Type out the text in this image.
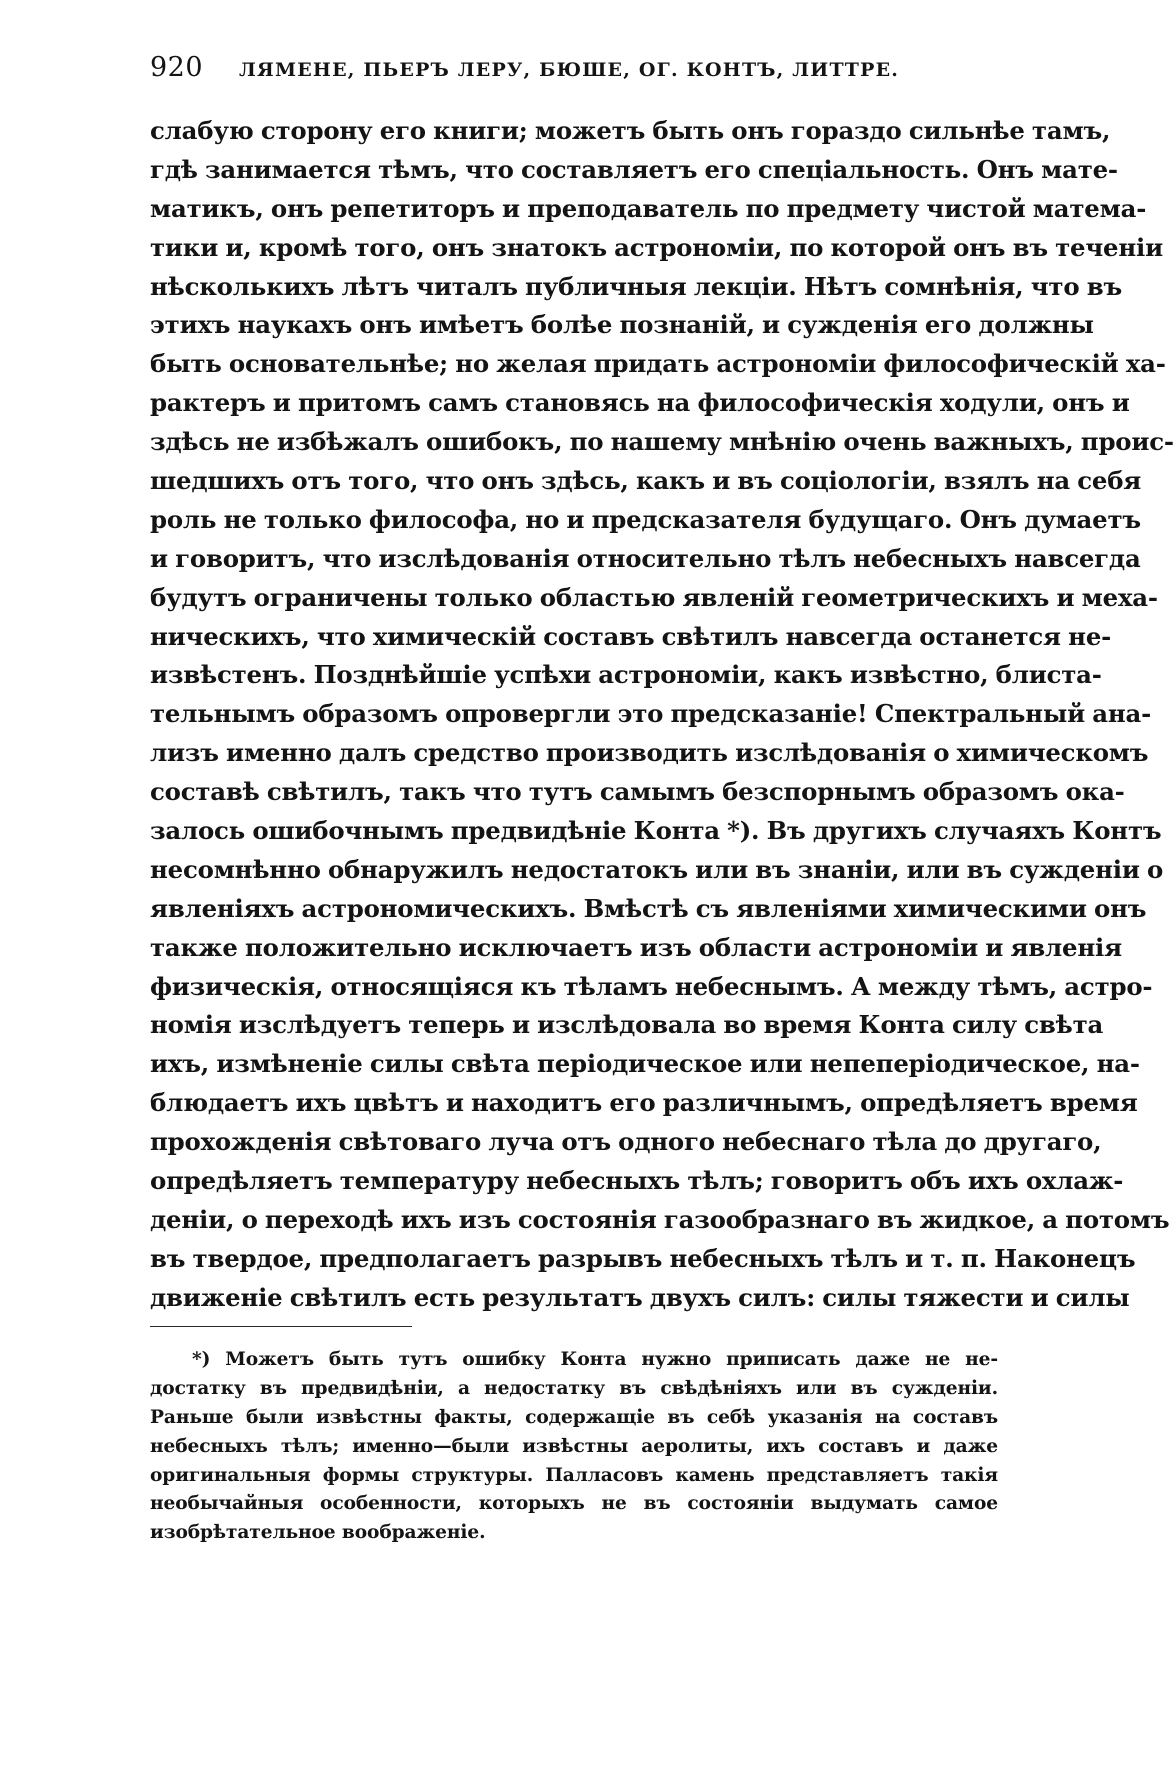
920 ЛЯМЕНЕ, ПЬЕРЪ ЛЕРУ, БЮШЕ, ОГ. КОНТЪ, ЛИТТРЕ.
слабую сторону его книги; можетъ быть онъ гораздо сильнѣе тамъ,
гдѣ занимается тѣмъ, что составляетъ его спеціальность. Онъ мате-
матикъ, онъ репетиторъ и преподаватель по предмету чистой матема-
тики и, кромѣ того, онъ знатокъ астрономіи, по которой онъ въ теченіи
нѣсколькихъ лѣтъ читалъ публичныя лекціи. Нѣтъ сомнѣнія, что въ
этихъ наукахъ онъ имѣетъ болѣе познаній, и сужденія его должны
быть основательнѣе; но желая придать астрономіи философическій ха-
рактеръ и притомъ самъ становясь на философическія ходули, онъ и
здѣсь не избѣжалъ ошибокъ, по нашему мнѣнію очень важныхъ, проис-
шедшихъ отъ того, что онъ здѣсь, какъ и въ соціологіи, взялъ на себя
роль не только философа, но и предсказателя будущаго. Онъ думаетъ
и говоритъ, что изслѣдованія относительно тѣлъ небесныхъ навсегда
будутъ ограничены только областью явленій геометрическихъ и меха-
ническихъ, что химическій составъ свѣтилъ навсегда останется не-
извѣстенъ. Позднѣйшіе успѣхи астрономіи, какъ извѣстно, блиста-
тельнымъ образомъ опровергли это предсказаніе! Спектральный ана-
лизъ именно далъ средство производить изслѣдованія о химическомъ
составѣ свѣтилъ, такъ что тутъ самымъ безспорнымъ образомъ ока-
залось ошибочнымъ предвидѣніе Конта *). Въ другихъ случаяхъ Контъ
несомнѣнно обнаружилъ недостатокъ или въ знаніи, или въ сужденіи о
явленіяхъ астрономическихъ. Вмѣстѣ съ явленіями химическими онъ
также положительно исключаетъ изъ области астрономіи и явленія
физическія, относящіяся къ тѣламъ небеснымъ. А между тѣмъ, астро-
номія изслѣдуетъ теперь и изслѣдовала во время Конта силу свѣта
ихъ, измѣненіе силы свѣта періодическое или непеперіодическое, на-
блюдаетъ ихъ цвѣтъ и находитъ его различнымъ, опредѣляетъ время
прохожденія свѣтоваго луча отъ одного небеснаго тѣла до другаго,
опредѣляетъ температуру небесныхъ тѣлъ; говоритъ объ ихъ охлаж-
деніи, о переходѣ ихъ изъ состоянія газообразнаго въ жидкое, а потомъ
въ твердое, предполагаетъ разрывъ небесныхъ тѣлъ и т. п. Наконецъ
движеніе свѣтилъ есть результатъ двухъ силъ: силы тяжести и силы
*) Можетъ быть тутъ ошибку Конта нужно приписать даже не не-
достатку въ предвидѣніи, а недостатку въ свѣдѣніяхъ или въ сужденіи.
Раньше были извѣстны факты, содержащіе въ себѣ указанія на составъ
небесныхъ тѣлъ; именно—были извѣстны аеролиты, ихъ составъ и даже
оригинальныя формы структуры. Палласовъ камень представляетъ такія
необычайныя особенности, которыхъ не въ состояніи выдумать самое
изобрѣтательное воображеніе.
